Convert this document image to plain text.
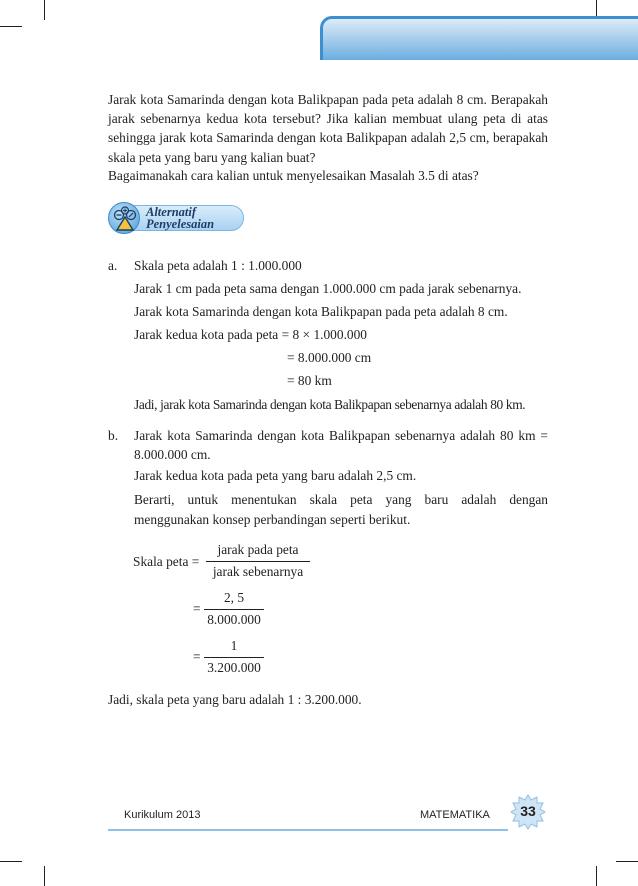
Jarak kota Samarinda dengan kota Balikpapan pada peta adalah 8 cm. Berapakah jarak sebenarnya kedua kota tersebut? Jika kalian membuat ulang peta di atas sehingga jarak kota Samarinda dengan kota Balikpapan adalah 2,5 cm, berapakah skala peta yang baru yang kalian buat?
Bagaimanakah cara kalian untuk menyelesaikan Masalah 3.5 di atas?
Alternatif
Penyelesaian
a. Skala peta adalah 1 : 1.000.000
Jarak 1 cm pada peta sama dengan 1.000.000 cm pada jarak sebenarnya.
Jarak kota Samarinda dengan kota Balikpapan pada peta adalah 8 cm.
Jarak kedua kota pada peta = 8 × 1.000.000
= 8.000.000 cm
= 80 km
Jadi, jarak kota Samarinda dengan kota Balikpapan sebenarnya adalah 80 km.
b. Jarak kota Samarinda dengan kota Balikpapan sebenarnya adalah 80 km = 8.000.000 cm.
Jarak kedua kota pada peta yang baru adalah 2,5 cm.
Berarti, untuk menentukan skala peta yang baru adalah dengan menggunakan konsep perbandingan seperti berikut.
Skala peta =
jarak pada peta
jarak sebenarnya
=
2, 5
8.000.000
=
1
3.200.000
Jadi, skala peta yang baru adalah 1 : 3.200.000.
Kurikulum 2013	MATEMATIKA	33
